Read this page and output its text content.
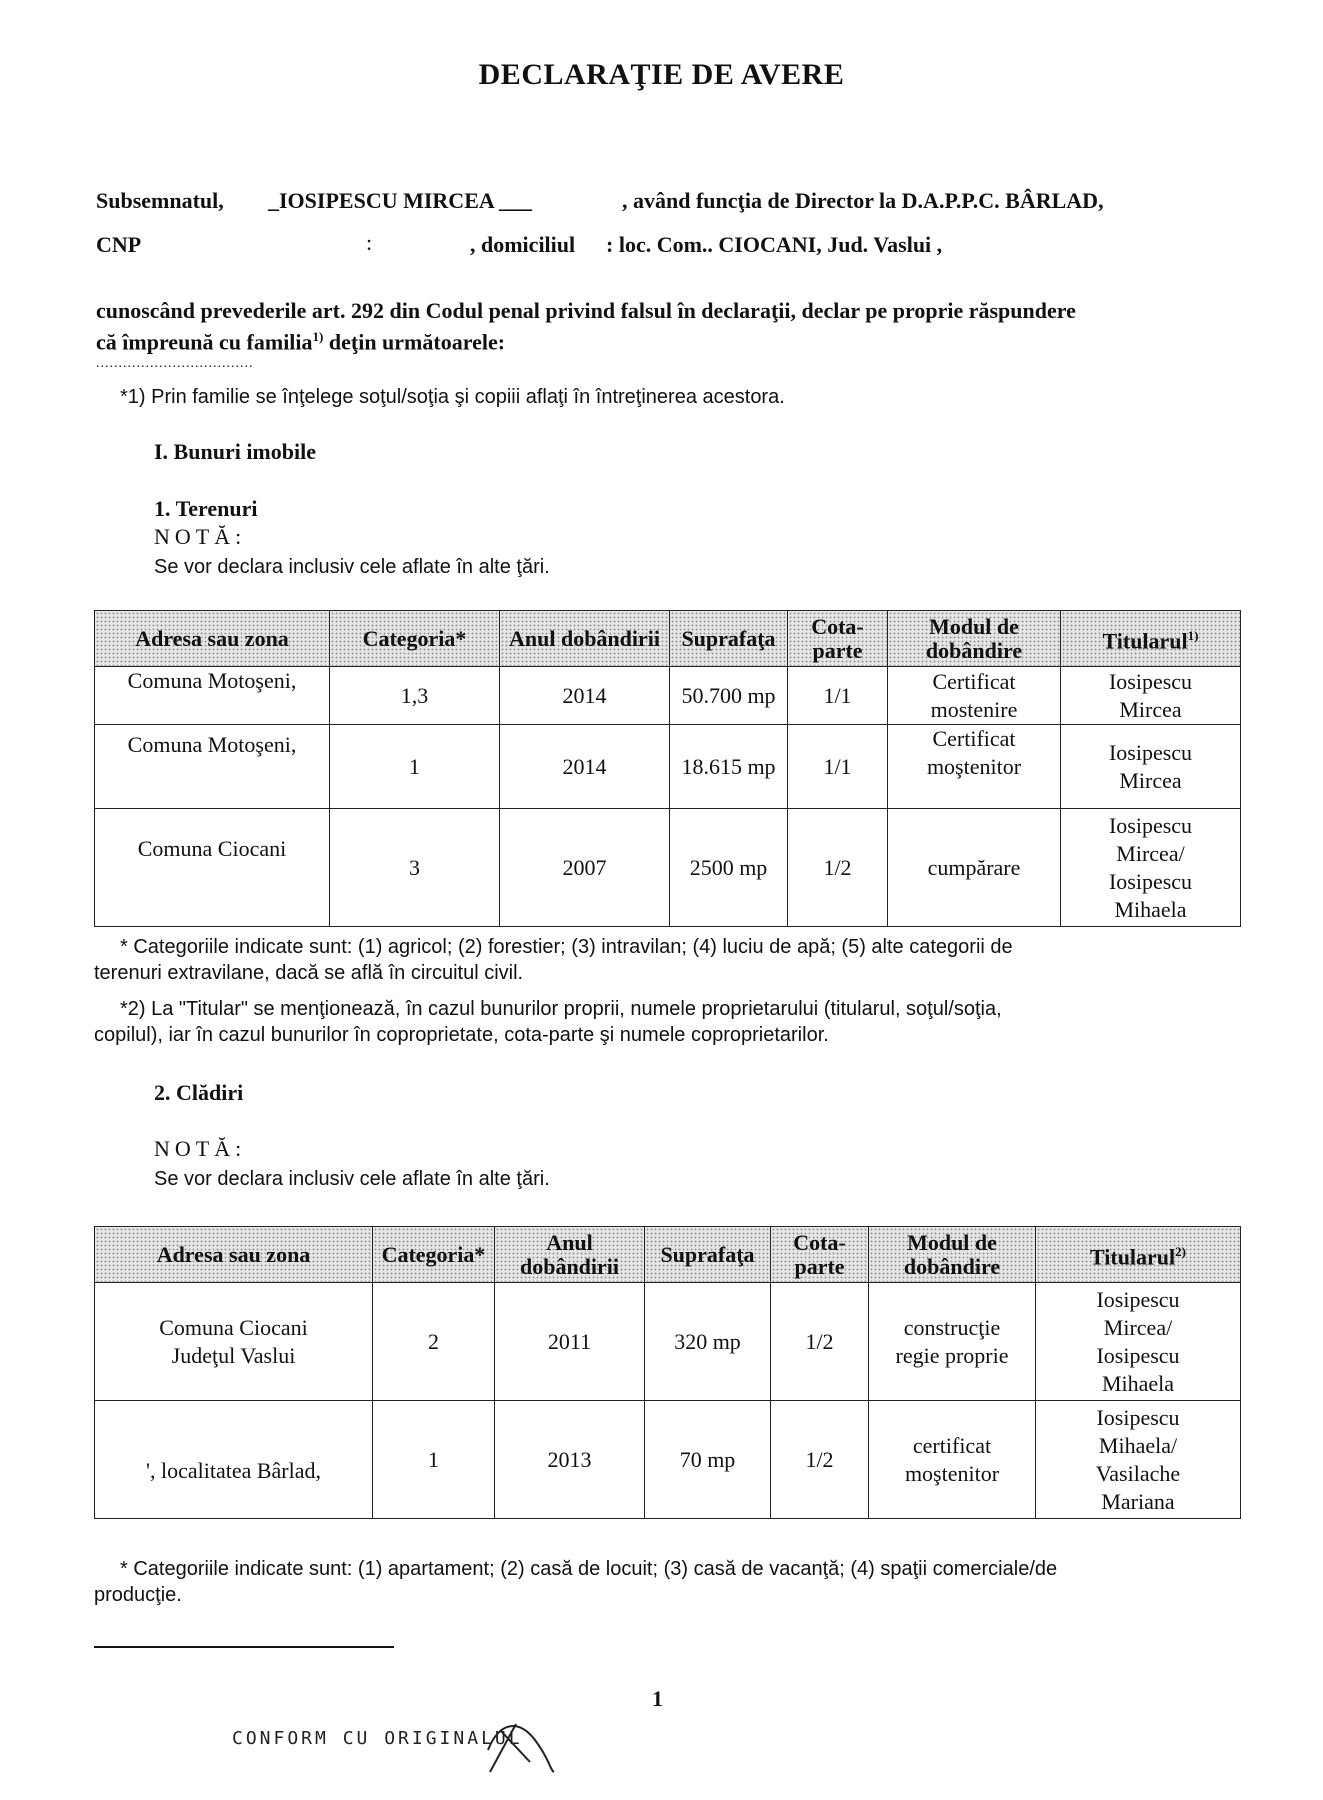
DECLARAŢIE DE AVERE
Subsemnatul, _IOSIPESCU MIRCEA ___	, având funcţia de Director la D.A.P.P.C. BÂRLAD,
CNP	:	, domiciliul : loc. Com.. CIOCANI, Jud. Vaslui ,
cunoscând prevederile art. 292 din Codul penal privind falsul în declaraţii, declar pe proprie răspundere
că împreună cu familia$^{1)}$ deţin următoarele:
...................................
*1) Prin familie se înţelege soţul/soţia şi copiii aflaţi în întreţinerea acestora.
I. Bunuri imobile
1. Terenuri
NOTĂ:
Se vor declara inclusiv cele aflate în alte ţări.
Adresa sau zona	Categoria*	Anul dobândirii	Suprafaţa	Cota-parte	Modul de dobândire	Titularul$^{1)}$
Comuna Motoşeni,	1,3	2014	50.700 mp	1/1	Certificat
mostenire	Iosipescu
Mircea

Comuna Motoşeni,	1	2014	18.615 mp	1/1	Certificat
moştenitor	Iosipescu
Mircea

Comuna Ciocani	3	2007	2500 mp	1/2	cumpărare	Iosipescu
Mircea/
Iosipescu
Mihaela
* Categoriile indicate sunt: (1) agricol; (2) forestier; (3) intravilan; (4) luciu de apă; (5) alte categorii de
terenuri extravilane, dacă se află în circuitul civil.
*2) La "Titular" se menţionează, în cazul bunurilor proprii, numele proprietarului (titularul, soţul/soţia,
copilul), iar în cazul bunurilor în coproprietate, cota-parte şi numele coproprietarilor.
2. Clădiri
NOTĂ:
Se vor declara inclusiv cele aflate în alte ţări.
Adresa sau zona	Categoria*	Anul dobândirii	Suprafaţa	Cota-parte	Modul de dobândire	Titularul$^{2)}$

Comuna Ciocani
Judeţul Vaslui	2	2011	320 mp	1/2	construcţie
regie proprie	Iosipescu
Mircea/
Iosipescu
Mihaela

', localitatea Bârlad,	1	2013	70 mp	1/2	certificat
moştenitor	Iosipescu
Mihaela/
Vasilache
Mariana
* Categoriile indicate sunt: (1) apartament; (2) casă de locuit; (3) casă de vacanţă; (4) spaţii comerciale/de
producţie.
1
CONFORM CU ORIGINALUL
